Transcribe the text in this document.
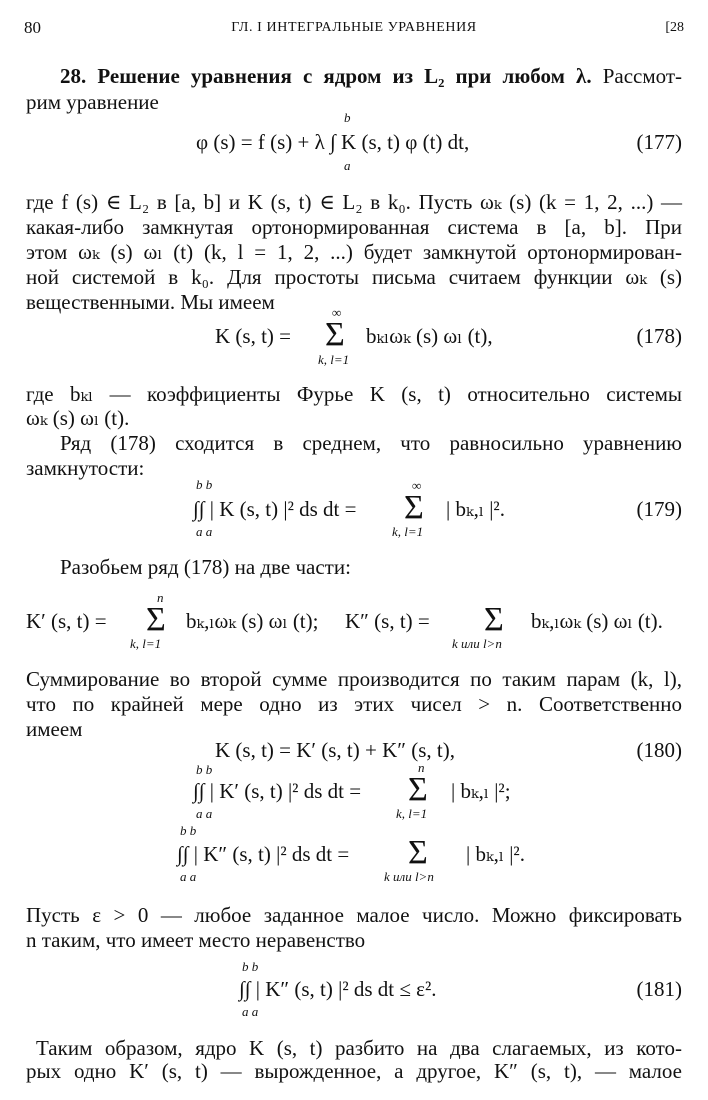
80	ГЛ. I ИНТЕГРАЛЬНЫЕ УРАВНЕНИЯ	[28
28. Решение уравнения с ядром из L₂ при любом λ. Рассмот-
рим уравнение
b
φ (s) = f (s) + λ ∫ K (s, t) φ (t) dt,
a
(177)
где f (s) ∈ L₂ в [a, b] и K (s, t) ∈ L₂ в k₀. Пусть ωₖ (s) (k = 1, 2, ...) —
какая-либо замкнутая ортонормированная система в [a, b]. При
этом ωₖ (s) ωₗ (t) (k, l = 1, 2, ...) будет замкнутой ортонормирован-
ной системой в k₀. Для простоты письма считаем функции ωₖ (s)
вещественными. Мы имеем
K (s, t) =
∞
Σ
k, l=1
bₖₗωₖ (s) ωₗ (t),	(178)
где bₖₗ — коэффициенты Фурье K (s, t) относительно системы
ωₖ (s) ωₗ (t).
Ряд (178) сходится в среднем, что равносильно уравнению
замкнутости:
b b
∫∫ | K (s, t) |² ds dt =
a a
∞
Σ
k, l=1
| bₖ,ₗ |².	(179)
Разобьем ряд (178) на две части:
K′ (s, t) =
n
Σ
k, l=1
bₖ,ₗωₖ (s) ωₗ (t); K″ (s, t) = Σ
k или l>n
bₖ,ₗωₖ (s) ωₗ (t).
Суммирование во второй сумме производится по таким парам (k, l),
что по крайней мере одно из этих чисел > n. Соответственно
имеем
K (s, t) = K′ (s, t) + K″ (s, t),	(180)
b b
∫∫ | K′ (s, t) |² ds dt =
a a
n
Σ
k, l=1
| bₖ,ₗ |²;
b b
∫∫ | K″ (s, t) |² ds dt =
a a
Σ
k или l>n
| bₖ,ₗ |².
Пусть ε > 0 — любое заданное малое число. Можно фиксировать
n таким, что имеет место неравенство
b b
∫∫ | K″ (s, t) |² ds dt ≤ ε².
a a
(181)
Таким образом, ядро K (s, t) разбито на два слагаемых, из кото-
рых одно K′ (s, t) — вырожденное, а другое, K″ (s, t), — малое
